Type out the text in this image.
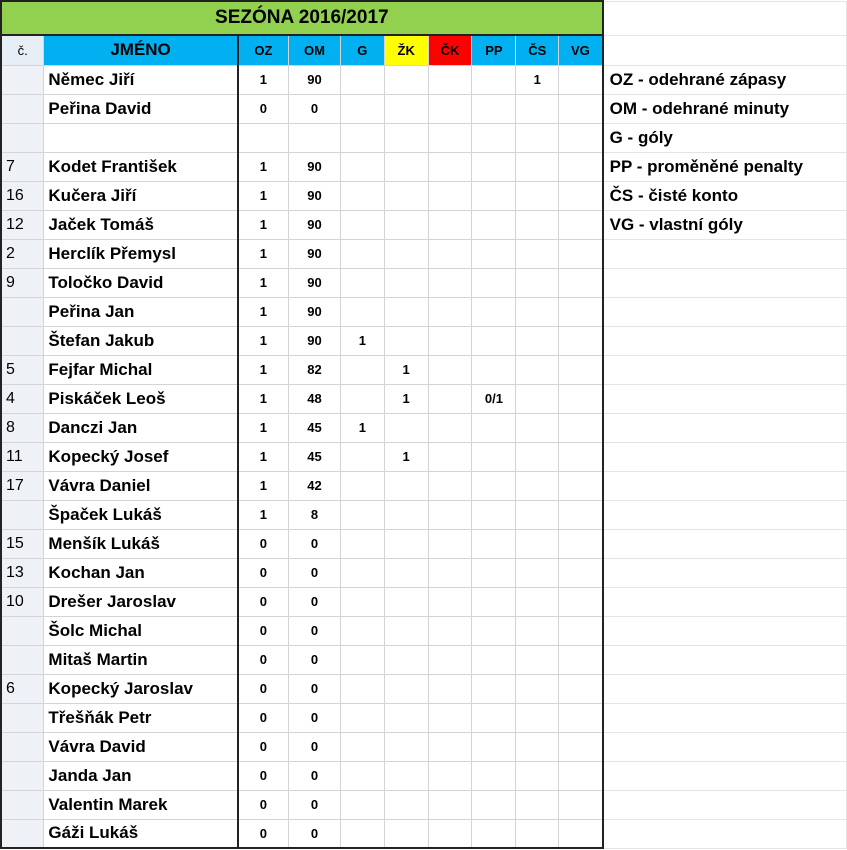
SEZÓNA 2016/2017										
č.	JMÉNO	OZ	OM	G	ŽK	ČK	PP	ČS	VG	
	Němec Jiří	1	90					1		OZ - odehrané zápasy
	Peřina David	0	0							OM - odehrané minuty
										G - góly
7	Kodet František	1	90							PP - proměněné penalty
16	Kučera Jiří	1	90							ČS - čisté konto
12	Jaček Tomáš	1	90							VG - vlastní góly
2	Herclík Přemysl	1	90							
9	Toločko David	1	90							
	Peřina Jan	1	90							
	Štefan Jakub	1	90	1						
5	Fejfar Michal	1	82		1					
4	Piskáček Leoš	1	48		1		0/1			
8	Danczi Jan	1	45	1						
11	Kopecký Josef	1	45		1					
17	Vávra Daniel	1	42							
	Špaček Lukáš	1	8							
15	Menšík Lukáš	0	0							
13	Kochan Jan	0	0							
10	Drešer Jaroslav	0	0							
	Šolc Michal	0	0							
	Mitaš Martin	0	0							
6	Kopecký Jaroslav	0	0							
	Třešňák Petr	0	0							
	Vávra David	0	0							
	Janda Jan	0	0							
	Valentin Marek	0	0							
	Gáži Lukáš	0	0							
